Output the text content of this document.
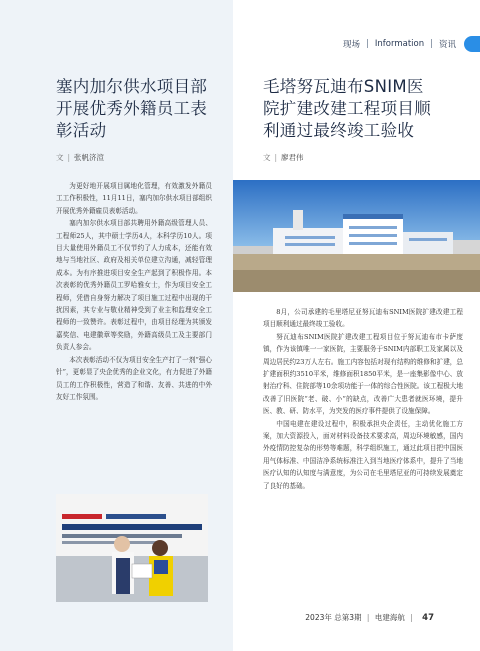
现场 | Information | 资讯
塞内加尔供水项目部
开展优秀外籍员工表
彰活动
文 | 张帆济渲

为更好地开展项目属地化管理，有效激发外籍员工工作积极性，11月11日，塞内加尔供水项目部组织开展优秀外籍雇员表彰活动。

塞内加尔供水项目部共聘用外籍高级管理人员、工程师25人，其中硕士学历4人，本科学历10人。项目大量使用外籍员工不仅节约了人力成本，还能有效地与当地社区、政府及相关单位建立沟通，减轻管理成本。为有序推进项目安全生产起到了积极作用。本次表彰的优秀外籍员工罗哈雅女士，作为项目安全工程师，凭借自身努力解决了项目施工过程中出现的干扰因素，其专业与敬业精神受到了业主和监理安全工程师的一致赞许。表彰过程中，由项目经理为其颁发嘉奖信、电建徽章等奖励，外籍高级员工及主要部门负责人参会。

本次表彰活动不仅为项目安全生产打了一剂“强心针”，更彰显了央企优秀的企业文化，有力促进了外籍员工的工作积极性，营造了和谐、友善、共进的中外友好工作氛围。

毛塔努瓦迪布SNIM医
院扩建改建工程项目顺
利通过最终竣工验收
文 | 廖君伟

8月，公司承建的毛里塔尼亚努瓦迪布SNIM医院扩建改建工程项目顺利通过最终竣工验收。

努瓦迪布SNIM医院扩建改建工程项目位于努瓦迪布市卡萨度镇，作为该镇唯一一家医院，主要服务于SNIM内部职工及家属以及周边居民约23万人左右。施工内容包括对现有结构的维修和扩建，总扩建面积约3510平米，维修面积1850平米，是一座集影像中心、放射治疗科、住院部等10余项功能于一体的综合性医院。该工程极大地改善了旧医院“老、破、小”的缺点，改善广大患者就医环境，提升医、教、研、防水平，为突发的医疗事件提供了设施保障。

中国电建在建设过程中，积极承担央企责任，主动优化施工方案，加大资源投入，面对材料设备技术要求高，周边环境敏感，国内外疫情防控复杂的形势等难题，科学组织施工，通过此项目把中国医用气体标准、中国洁净系统标准注入到当地医疗体系中，提升了当地医疗认知的认知度与满意度，为公司在毛里塔尼亚的可持续发展奠定了良好的基础。

2023年 总第3期 | 电建海航 | 47
